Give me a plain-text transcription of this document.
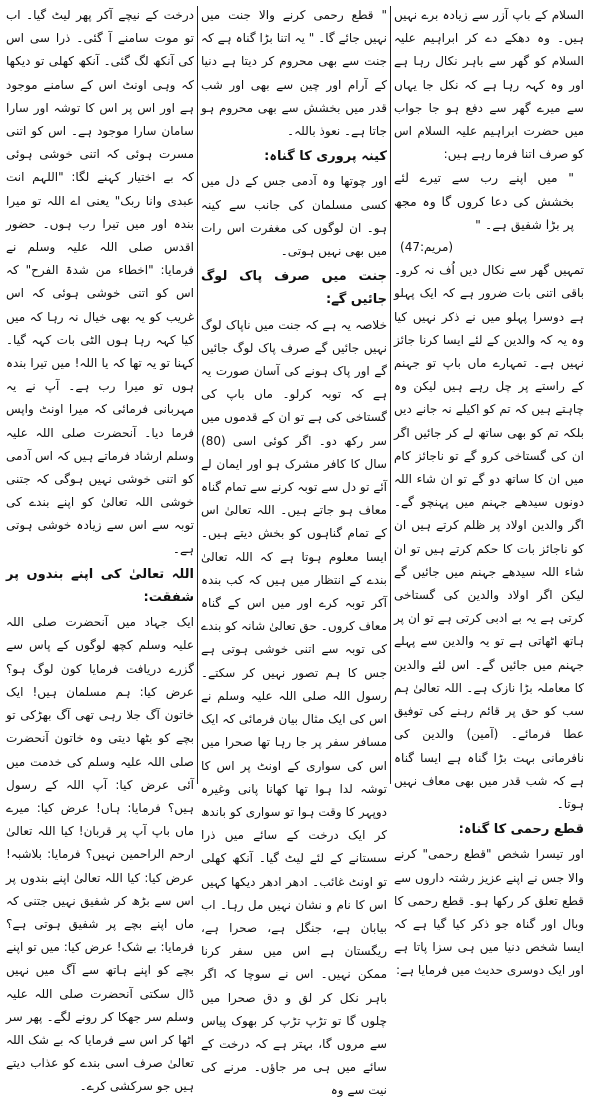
السلام کے باپ آزر سے زیادہ برے نہیں ہیں۔ وہ دھکے دے کر ابراہیم علیہ السلام کو گھر سے باہر نکال رہا ہے اور وہ کہہ رہا ہے کہ نکل جا یہاں سے میرے گھر سے دفع ہو جا جواب میں حضرت ابراہیم علیہ السلام اس کو صرف اتنا فرما رہے ہیں:

" میں اپنے رب سے تیرے لئے بخشش کی دعا کروں گا وہ مجھ پر بڑا شفیق ہے۔ "

(مریم:47)

تمہیں گھر سے نکال دیں اُف نہ کرو۔ باقی اتنی بات ضرور ہے کہ ایک پہلو ہے دوسرا پہلو میں نے ذکر نہیں کیا وہ یہ کہ والدین کے لئے ایسا کرنا جائز نہیں ہے۔ تمہارے ماں باپ تو جہنم کے راستے پر چل رہے ہیں لیکن وہ چاہتے ہیں کہ تم کو اکیلے نہ جانے دیں بلکہ تم کو بھی ساتھ لے کر جائیں اگر ان کی گستاخی کرو گے تو ناجائز کام میں ان کا ساتھ دو گے تو ان شاء اللہ دونوں سیدھے جہنم میں پہنچو گے۔ اگر والدین اولاد پر ظلم کرتے ہیں ان کو ناجائز بات کا حکم کرتے ہیں تو ان شاء اللہ سیدھے جہنم میں جائیں گے لیکن اگر اولاد والدین کی گستاخی کرتی ہے یہ بے ادبی کرتی ہے تو ان پر ہاتھ اٹھاتی ہے تو یہ والدین سے پہلے جہنم میں جائیں گے۔ اس لئے والدین کا معاملہ بڑا نازک ہے۔ اللہ تعالیٰ ہم سب کو حق پر قائم رہنے کی توفیق عطا فرمائے۔ (آمین) والدین کی نافرمانی بہت بڑا گناہ ہے ایسا گناہ ہے کہ شب قدر میں بھی معاف نہیں ہوتا۔

قطع رحمی کا گناہ:

اور تیسرا شخص "قطع رحمی" کرنے والا جس نے اپنے عزیز رشتہ داروں سے قطع تعلق کر رکھا ہو۔ قطع رحمی کا وبال اور گناہ جو ذکر کیا گیا ہے کہ ایسا شخص دنیا میں ہی سزا پاتا ہے اور ایک دوسری حدیث میں فرمایا ہے:

" قطع رحمی کرنے والا جنت میں نہیں جائے گا۔ " یہ اتنا بڑا گناہ ہے کہ جنت سے بھی محروم کر دیتا ہے دنیا کے آرام اور چین سے بھی اور شب قدر میں بخشش سے بھی محروم ہو جاتا ہے۔ نعوذ باللہ۔

کینہ پروری کا گناہ:

اور چوتھا وہ آدمی جس کے دل میں کسی مسلمان کی جانب سے کینہ ہو۔ ان لوگوں کی مغفرت اس رات میں بھی نہیں ہوتی۔

جنت میں صرف پاک لوگ جائیں گے:

خلاصہ یہ ہے کہ جنت میں ناپاک لوگ نہیں جائیں گے صرف پاک لوگ جائیں گے اور پاک ہونے کی آسان صورت یہ ہے کہ توبہ کرلو۔ ماں باپ کی گستاخی کی ہے تو ان کے قدموں میں سر رکھ دو۔ اگر کوئی اسی (80) سال کا کافر مشرک ہو اور ایمان لے آئے تو دل سے توبہ کرنے سے تمام گناہ معاف ہو جاتے ہیں۔ اللہ تعالیٰ اس کے تمام گناہوں کو بخش دیتے ہیں۔ ایسا معلوم ہوتا ہے کہ اللہ تعالیٰ بندے کے انتظار میں ہیں کہ کب بندہ آکر توبہ کرے اور میں اس کے گناہ معاف کروں۔ حق تعالیٰ شانہ کو بندے کی توبہ سے اتنی خوشی ہوتی ہے جس کا ہم تصور نہیں کر سکتے۔ رسول اللہ صلی اللہ علیہ وسلم نے اس کی ایک مثال بیان فرمائی کہ ایک مسافر سفر پر جا رہا تھا صحرا میں اس کی سواری کے اونٹ پر اس کا توشہ لدا ہوا تھا کھانا پانی وغیرہ دوپہر کا وقت ہوا تو سواری کو باندھ کر ایک درخت کے سائے میں ذرا سستانے کے لئے لیٹ گیا۔ آنکھ کھلی تو اونٹ غائب۔ ادھر ادھر دیکھا کہیں اس کا نام و نشان نہیں مل رہا۔ اب بیابان ہے، جنگل ہے، صحرا ہے، ریگستان ہے اس میں سفر کرنا ممکن نہیں۔ اس نے سوچا کہ اگر باہر نکل کر لق و دق صحرا میں چلوں گا تو تڑپ تڑپ کر بھوک پیاس سے مروں گا، بہتر ہے کہ درخت کے سائے میں ہی مر جاؤں۔ مرنے کی نیت سے وہ

درخت کے نیچے آکر پھر لیٹ گیا۔ اب تو موت سامنے آ گئی۔ ذرا سی اس کی آنکھ لگ گئی۔ آنکھ کھلی تو دیکھا کہ وہی اونٹ اس کے سامنے موجود ہے اور اس پر اس کا توشہ اور سارا سامان سارا موجود ہے۔ اس کو اتنی مسرت ہوئی کہ اتنی خوشی ہوئی کہ بے اختیار کہنے لگا: "اللہم انت عبدی وانا ربک" یعنی اے اللہ تو میرا بندہ اور میں تیرا رب ہوں۔ حضور اقدس صلی اللہ علیہ وسلم نے فرمایا: "اخطاء من شدۃ الفرح" کہ اس کو اتنی خوشی ہوئی کہ اس غریب کو یہ بھی خیال نہ رہا کہ میں کیا کہہ رہا ہوں الٹی بات کہہ گیا۔ کہنا تو یہ تھا کہ یا اللہ! میں تیرا بندہ ہوں تو میرا رب ہے۔ آپ نے یہ مہربانی فرمائی کہ میرا اونٹ واپس فرما دیا۔ آنحضرت صلی اللہ علیہ وسلم ارشاد فرماتے ہیں کہ اس آدمی کو اتنی خوشی نہیں ہوگی کہ جتنی خوشی اللہ تعالیٰ کو اپنے بندے کی توبہ سے اس سے زیادہ خوشی ہوتی ہے۔

اللہ تعالیٰ کی اپنے بندوں پر شفقت:

ایک جہاد میں آنحضرت صلی اللہ علیہ وسلم کچھ لوگوں کے پاس سے گزرے دریافت فرمایا کون لوگ ہو؟ عرض کیا: ہم مسلمان ہیں! ایک خاتون آگ جلا رہی تھی آگ بھڑکی تو بچے کو بٹھا دیتی وہ خاتون آنحضرت صلی اللہ علیہ وسلم کی خدمت میں آئی عرض کیا: آپ اللہ کے رسول ہیں؟ فرمایا: ہاں! عرض کیا: میرے ماں باپ آپ پر قربان! کیا اللہ تعالیٰ ارحم الراحمین نہیں؟ فرمایا: بلاشبہ! عرض کیا: کیا اللہ تعالیٰ اپنے بندوں پر اس سے بڑھ کر شفیق نہیں جتنی کہ ماں اپنے بچے پر شفیق ہوتی ہے؟ فرمایا: بے شک! عرض کیا: میں تو اپنے بچے کو اپنے ہاتھ سے آگ میں نہیں ڈال سکتی آنحضرت صلی اللہ علیہ وسلم سر جھکا کر رونے لگے۔ پھر سر اٹھا کر اس سے فرمایا کہ بے شک اللہ تعالیٰ صرف اسی بندے کو عذاب دیتے ہیں جو سرکشی کرے۔
